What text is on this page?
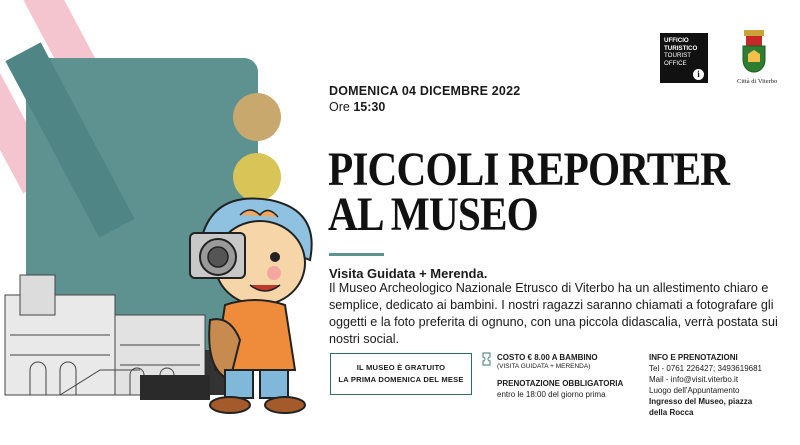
DOMENICA 04 DICEMBRE 2022
Ore 15:30
PICCOLI REPORTER
AL MUSEO
Visita Guidata + Merenda.
Il Museo Archeologico Nazionale Etrusco di Viterbo ha un allestimento chiaro e semplice, dedicato ai bambini. I nostri ragazzi saranno chiamati a fotografare gli oggetti e la foto preferita di ognuno, con una piccola didascalia, verrà postata sui nostri social.
IL MUSEO È GRATUITO
LA PRIMA DOMENICA DEL MESE
COSTO € 8.00 A BAMBINO
(VISITA GUIDATA + MERENDA)
PRENOTAZIONE OBBLIGATORIA
entro le 18:00 del giorno prima
INFO E PRENOTAZIONI
Tel - 0761 226427; 3493619681
Mail - info@visit.viterbo.it
Luogo dell'Appuntamento
Ingresso del Museo, piazza della Rocca
UFFICIO
TURISTICO
TOURIST
OFFICE
i
Città di Viterbo
